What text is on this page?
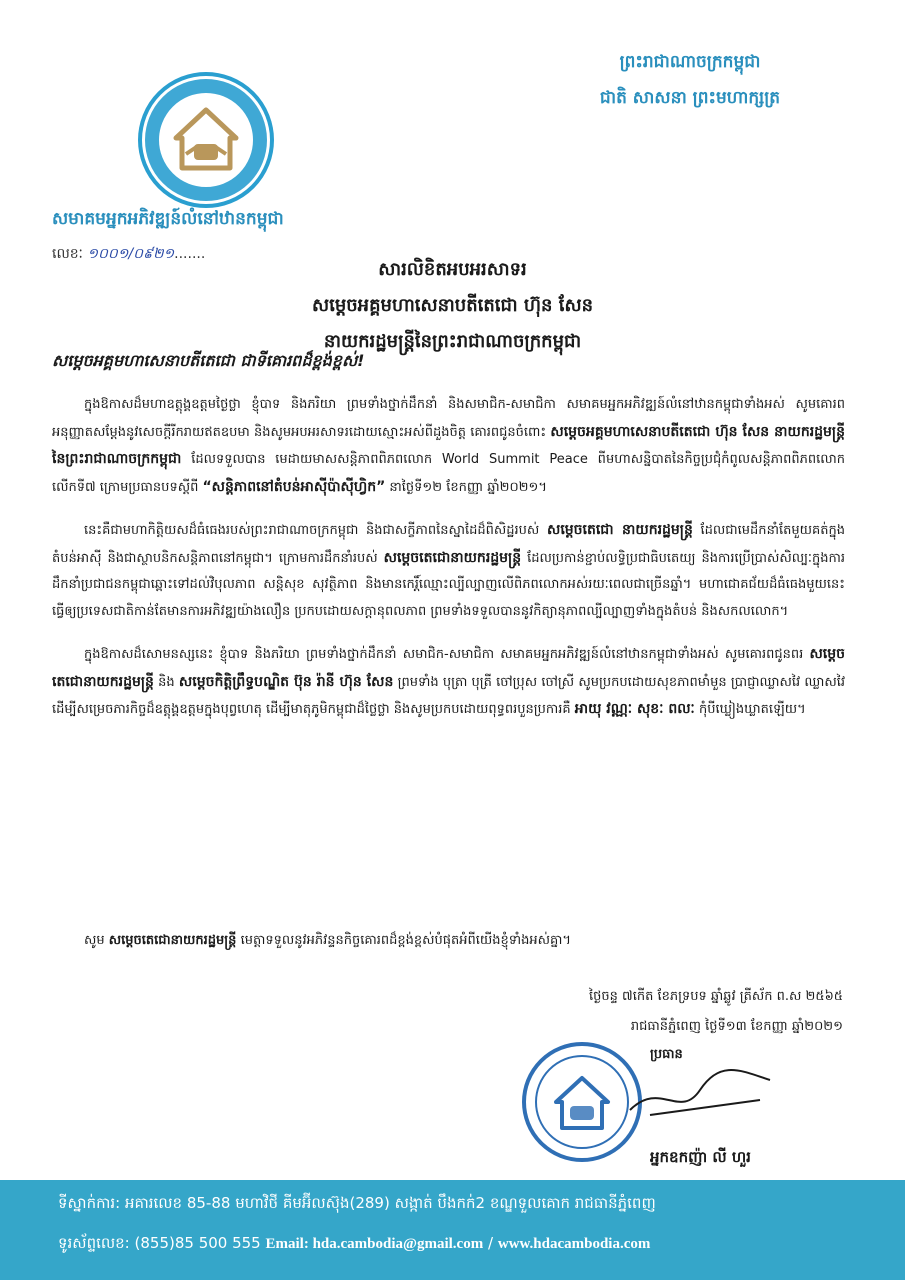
ព្រះរាជាណាចក្រកម្ពុជា
ជាតិ សាសនា ព្រះមហាក្សត្រ
សមាគមអ្នកអភិវឌ្ឍន៍លំនៅឋានកម្ពុជា
លេខៈ ១០០១/០៩២១.......
សារលិខិតអបអរសាទរ
សម្តេចអគ្គមហាសេនាបតីតេជោ ហ៊ុន សែន
នាយករដ្ឋមន្ត្រីនៃព្រះរាជាណាចក្រកម្ពុជា
សម្តេចអគ្គមហាសេនាបតីតេជោ ជាទីគោរពដ៏ខ្ពង់ខ្ពស់!

ក្នុងឱកាសដ៏មហាឧត្តុង្គឧត្តមថ្ងៃថ្លា ខ្ញុំបាទ និងភរិយា ព្រមទាំងថ្នាក់ដឹកនាំ និងសមាជិក-សមាជិកា សមាគមអ្នកអភិវឌ្ឍន៍លំនៅឋានកម្ពុជាទាំងអស់ សូមគោរពអនុញ្ញាតសម្តែងនូវសេចក្តីរីករាយឥតឧបមា និងសូមអបអរសាទរដោយស្មោះអស់ពីដួងចិត្ត គោរពជូនចំពោះ សម្តេចអគ្គមហាសេនាបតីតេជោ ហ៊ុន សែន នាយករដ្ឋមន្ត្រីនៃព្រះរាជាណាចក្រកម្ពុជា ដែលទទួលបាន មេដាយមាសសន្តិភាពពិភពលោក World Summit Peace ពីមហាសន្និបាតនៃកិច្ចប្រជុំកំពូលសន្តិភាពពិភពលោកលើកទី៧ ក្រោមប្រធានបទស្តីពី “សន្តិភាពនៅតំបន់អាស៊ីប៉ាស៊ីហ្វិក” នាថ្ងៃទី១២ ខែកញ្ញា ឆ្នាំ២០២១។

នេះគឺជាមហាកិត្តិយសដ៏ធំធេងរបស់ព្រះរាជាណាចក្រកម្ពុជា និងជាសក្ខីភាពនៃស្នាដៃដ៏ពិសិដ្ឋរបស់ សម្តេចតេជោ នាយករដ្ឋមន្ត្រី ដែលជាមេដឹកនាំតែមួយគត់ក្នុងតំបន់អាស៊ី និងជាស្ថាបនិកសន្តិភាពនៅកម្ពុជា។ ក្រោមការដឹកនាំរបស់ សម្តេចតេជោនាយករដ្ឋមន្ត្រី ដែលប្រកាន់ខ្ជាប់លទ្ធិប្រជាធិបតេយ្យ និងការប្រើប្រាស់សិល្បៈក្នុងការដឹកនាំប្រជាជនកម្ពុជាឆ្ពោះទៅដល់វិបុលភាព សន្តិសុខ សុវត្ថិភាព និងមានកេរ្តិ៍ឈ្មោះល្បីល្បាញលើពិភពលោកអស់រយៈពេលជាច្រើនឆ្នាំ។ មហាជោគជ័យដ៏ធំធេងមួយនេះ ធ្វើឲ្យប្រទេសជាតិកាន់តែមានការអភិវឌ្ឍយ៉ាងលឿន ប្រកបដោយសក្តានុពលភាព ព្រមទាំងទទួលបាននូវកិត្យានុភាពល្បីល្បាញទាំងក្នុងតំបន់ និងសកលលោក។

ក្នុងឱកាសដ៏សោមនស្សនេះ ខ្ញុំបាទ និងភរិយា ព្រមទាំងថ្នាក់ដឹកនាំ សមាជិក-សមាជិកា សមាគមអ្នកអភិវឌ្ឍន៍លំនៅឋានកម្ពុជាទាំងអស់ សូមគោរពជូនពរ សម្តេចតេជោនាយករដ្ឋមន្ត្រី និង សម្តេចកិត្តិព្រឹទ្ធបណ្ឌិត ប៊ុន រ៉ានី ហ៊ុន សែន ព្រមទាំង បុត្រា បុត្រី ចៅប្រុស ចៅស្រី សូមប្រកបដោយសុខភាពមាំមួន ប្រាជ្ញាឈ្លាសវៃ ឈ្លាសវៃ ដើម្បីសម្រេចភារកិច្ចដ៏ឧត្តុង្គឧត្តមក្នុងបុព្វហេតុ ដើម្បីមាតុភូមិកម្ពុជាដ៏ថ្លៃថ្លា និងសូមប្រកបដោយពុទ្ធពរបួនប្រការគឺ អាយុ វណ្ណៈ សុខៈ ពលៈ កុំបីឃ្លៀងឃ្លាតឡើយ។

សូម សម្តេចតេជោនាយករដ្ឋមន្ត្រី មេត្តាទទួលនូវអភិវន្ទនកិច្ចគោរពដ៏ខ្ពង់ខ្ពស់បំផុតអំពីយើងខ្ញុំទាំងអស់គ្នា។
ថ្ងៃចន្ទ ៧កើត ខែភទ្របទ ឆ្នាំឆ្លូវ ត្រីស័ក ព.ស ២៥៦៥
រាជធានីភ្នំពេញ ថ្ងៃទី១៣ ខែកញ្ញា ឆ្នាំ២០២១
ប្រធាន
អ្នកឧកញ៉ា លី ហួរ
ទីស្នាក់ការ: អគារលេខ 85-88 មហាវិថី គីមអ៊ីលស៊ុង(289) សង្កាត់ បឹងកក់2 ខណ្ឌទួលគោក រាជធានីភ្នំពេញ
ទូរស័ព្ទលេខ: (855)85 500 555 Email: hda.cambodia@gmail.com / www.hdacambodia.com
